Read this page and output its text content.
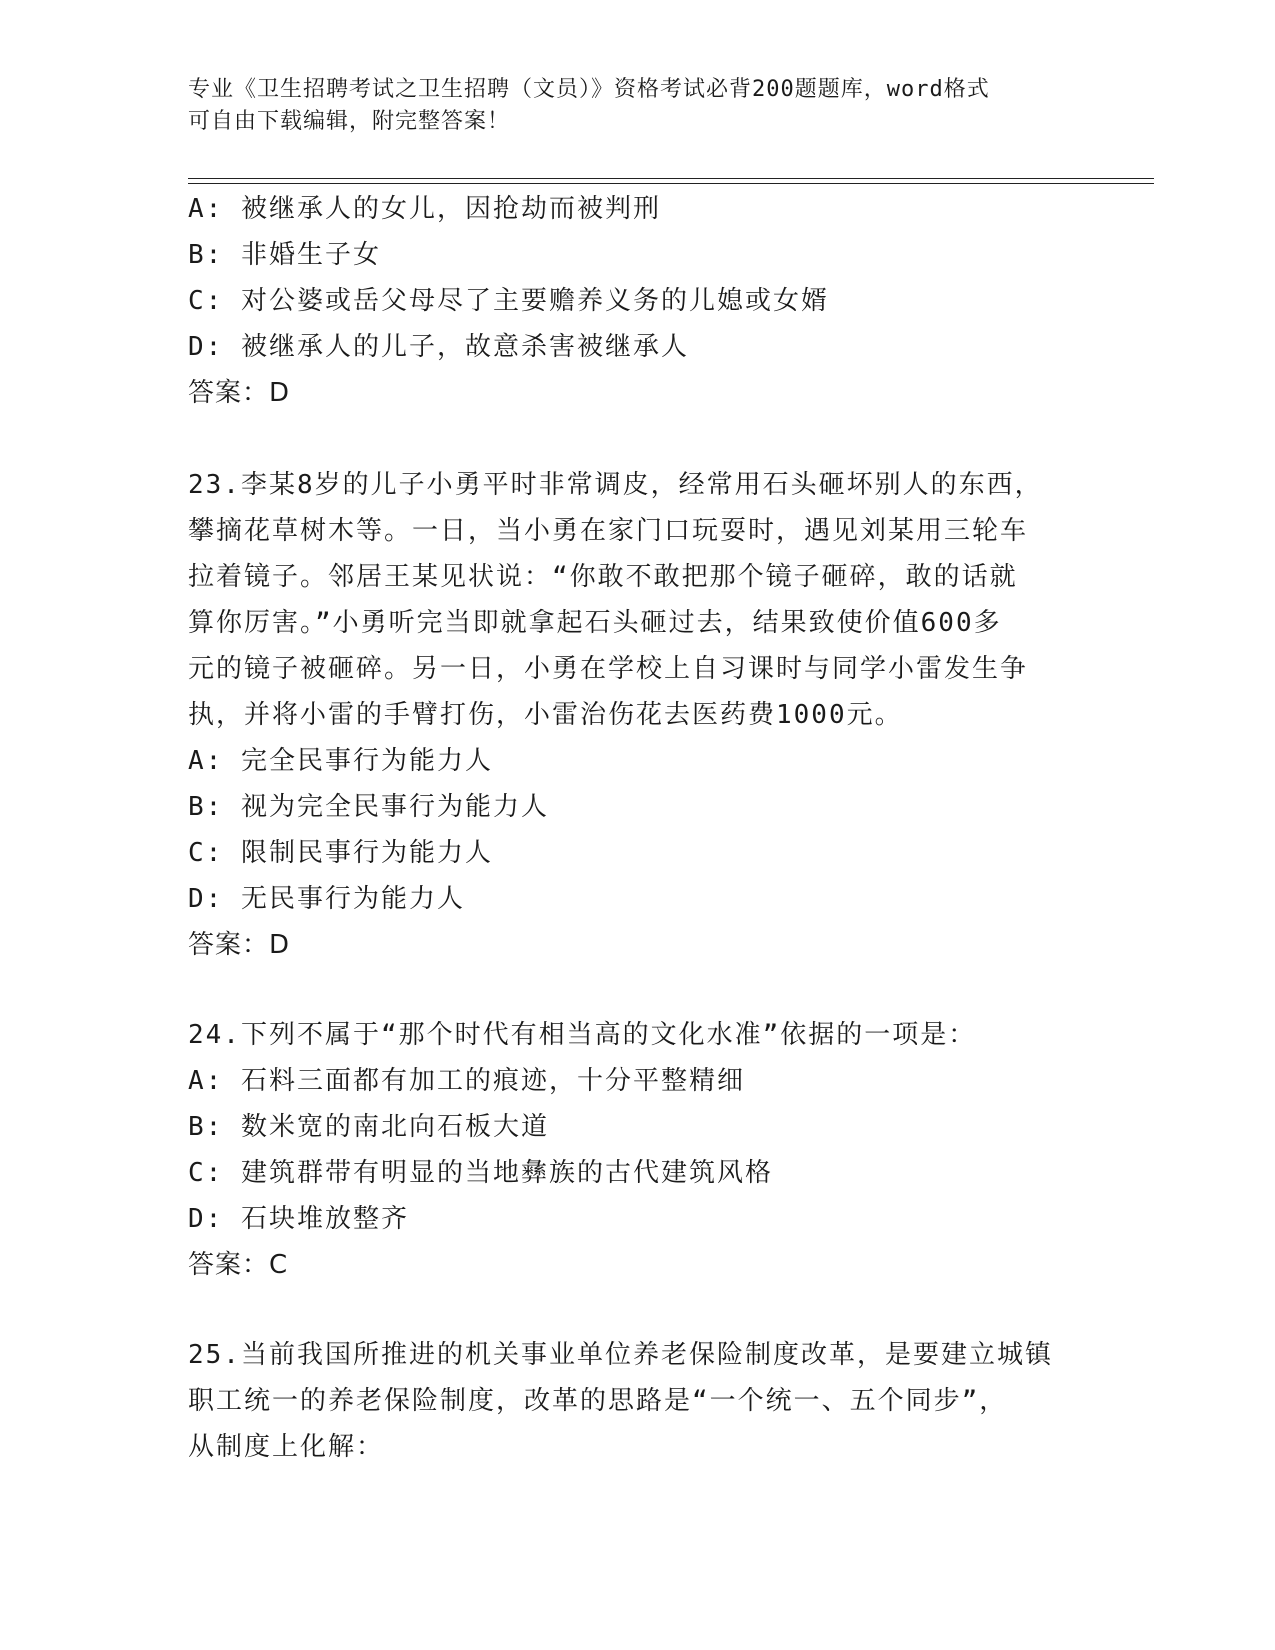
专业《卫生招聘考试之卫生招聘（文员）》资格考试必背200题题库，word格式
可自由下载编辑，附完整答案！
A: 被继承人的女儿，因抢劫而被判刑
B: 非婚生子女
C: 对公婆或岳父母尽了主要赡养义务的儿媳或女婿
D: 被继承人的儿子，故意杀害被继承人
答案：D
23.李某8岁的儿子小勇平时非常调皮，经常用石头砸坏别人的东西，
攀摘花草树木等。一日，当小勇在家门口玩耍时，遇见刘某用三轮车
拉着镜子。邻居王某见状说：“你敢不敢把那个镜子砸碎，敢的话就
算你厉害。”小勇听完当即就拿起石头砸过去，结果致使价值600多
元的镜子被砸碎。另一日，小勇在学校上自习课时与同学小雷发生争
执，并将小雷的手臂打伤，小雷治伤花去医药费1000元。
A: 完全民事行为能力人
B: 视为完全民事行为能力人
C: 限制民事行为能力人
D: 无民事行为能力人
答案：D
24.下列不属于“那个时代有相当高的文化水准”依据的一项是：
A: 石料三面都有加工的痕迹，十分平整精细
B: 数米宽的南北向石板大道
C: 建筑群带有明显的当地彝族的古代建筑风格
D: 石块堆放整齐
答案：C
25.当前我国所推进的机关事业单位养老保险制度改革，是要建立城镇
职工统一的养老保险制度，改革的思路是“一个统一、五个同步”，
从制度上化解：
